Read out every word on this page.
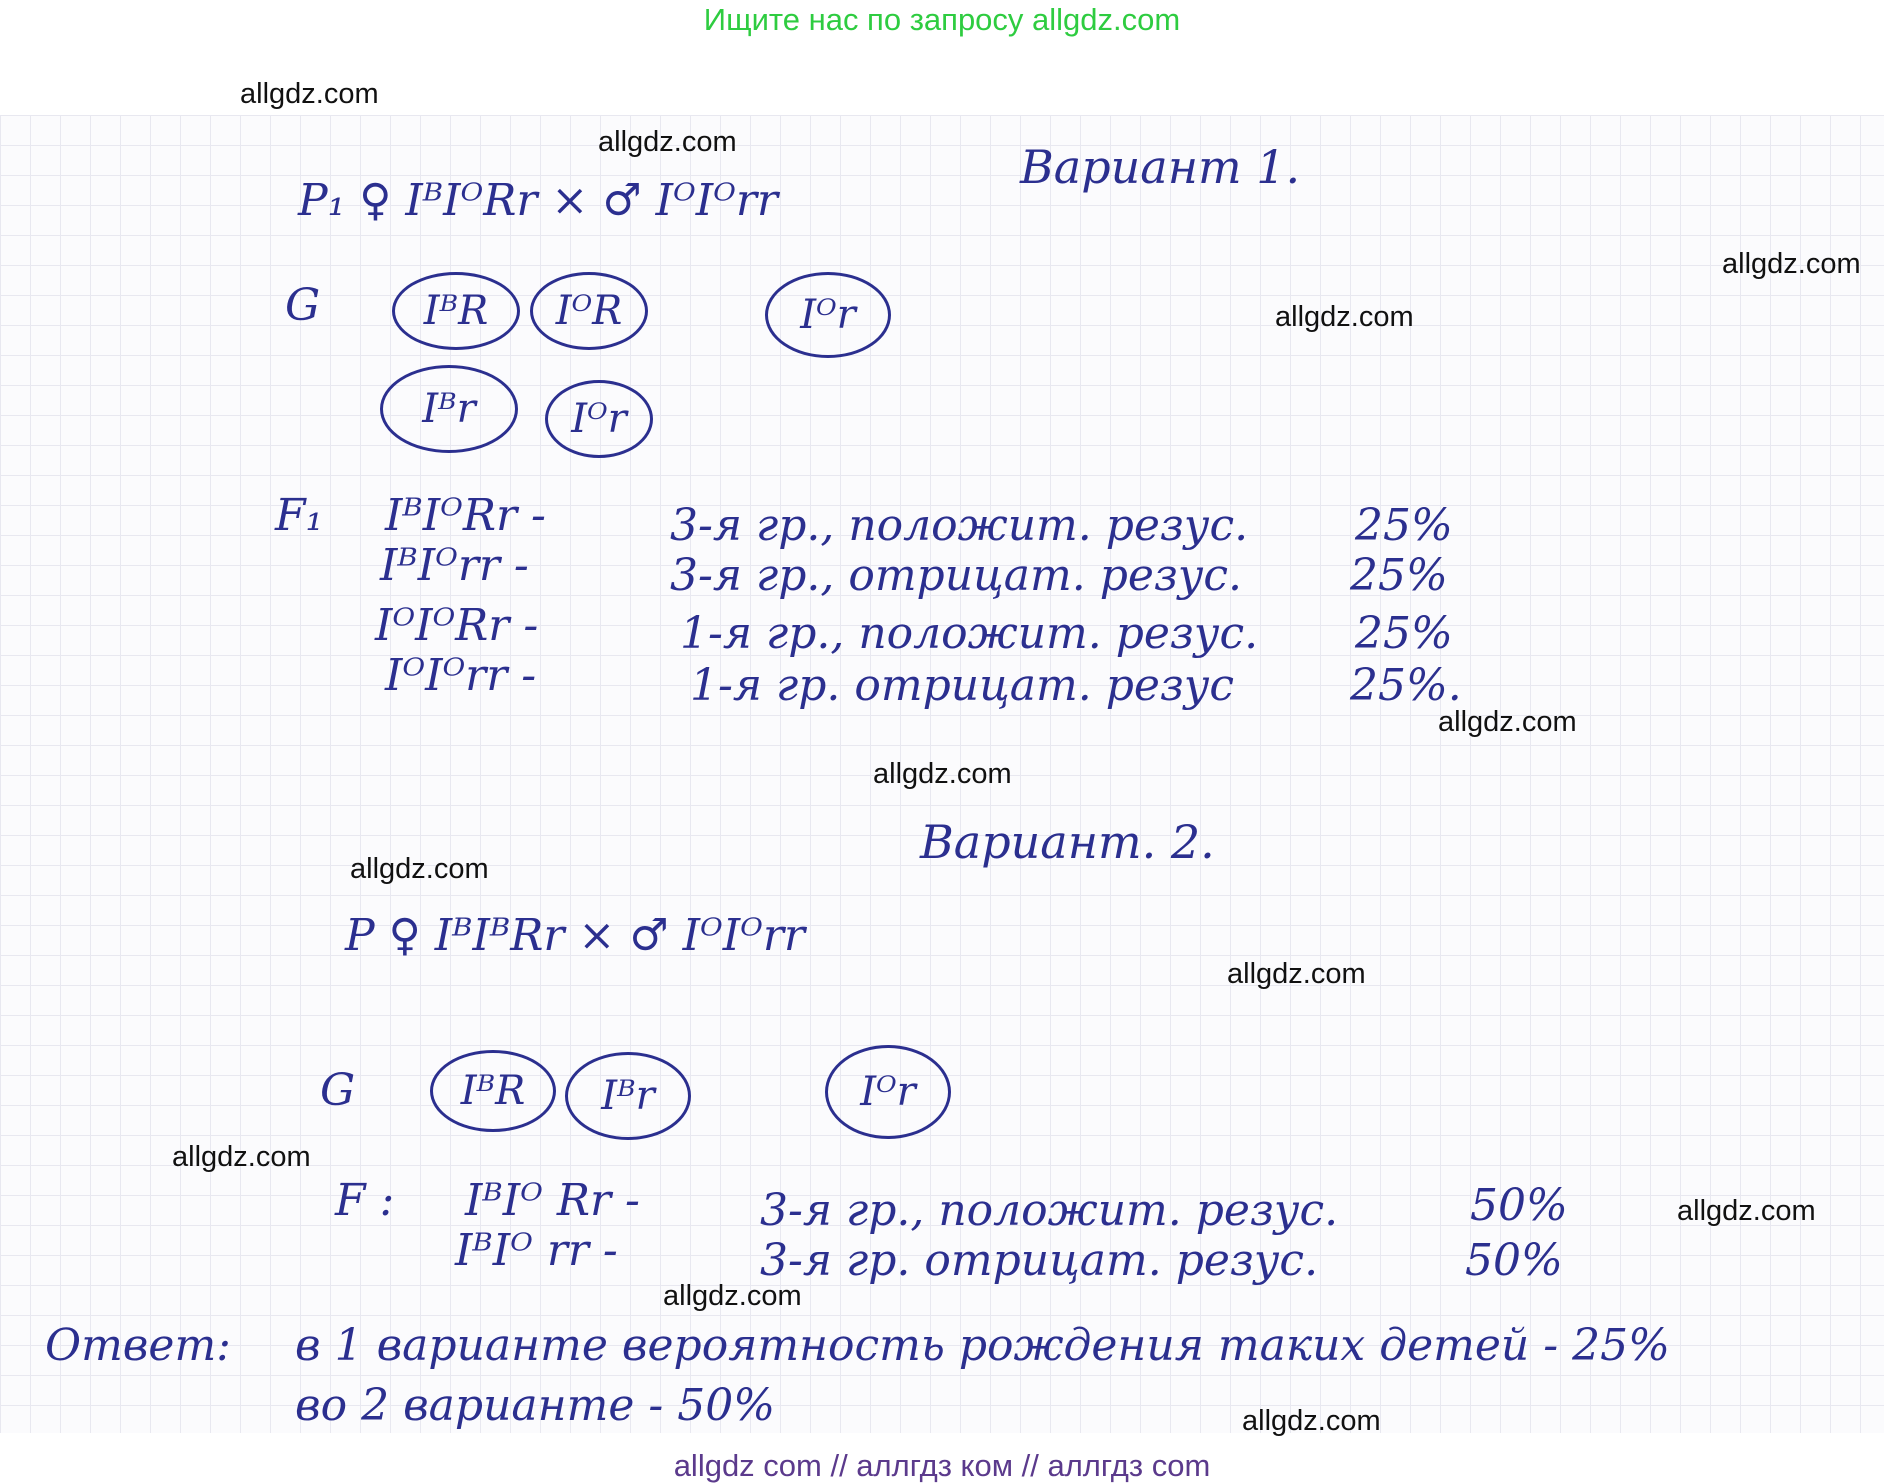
Ищите нас по запросу allgdz.com
Вариант 1.
P₁ ♀ IᴮIᴼRr × ♂ IᴼIᴼrr
G	IᴮR	IᴼR	Iᴼr
Iᴮr	Iᴼr
F₁ IᴮIᴼRr -	3-я гр., положит. резус. 25%
IᴮIᴼrr -	3-я гр., отрицат. резус. 25%
IᴼIᴼRr -	1-я гр., положит. резус. 25%
IᴼIᴼrr -	1-я гр. отрицат. резус	25%.
Вариант. 2.
P ♀ IᴮIᴮRr × ♂ IᴼIᴼrr
G	IᴮR	Iᴮr	Iᴼr
F : IᴮIᴼ Rr -	3-я гр., положит. резус.	50%
IᴮIᴼ rr -	3-я гр. отрицат. резус.	50%
Ответ: в 1 варианте вероятность рождения таких детей - 25%
во 2 варианте - 50%
allgdz.com
allgdz.com
allgdz.com
allgdz.com
allgdz.com
allgdz.com
allgdz.com
allgdz.com
allgdz.com
allgdz.com
allgdz.com
allgdz.com
allgdz com // аллгдз ком // аллгдз com
